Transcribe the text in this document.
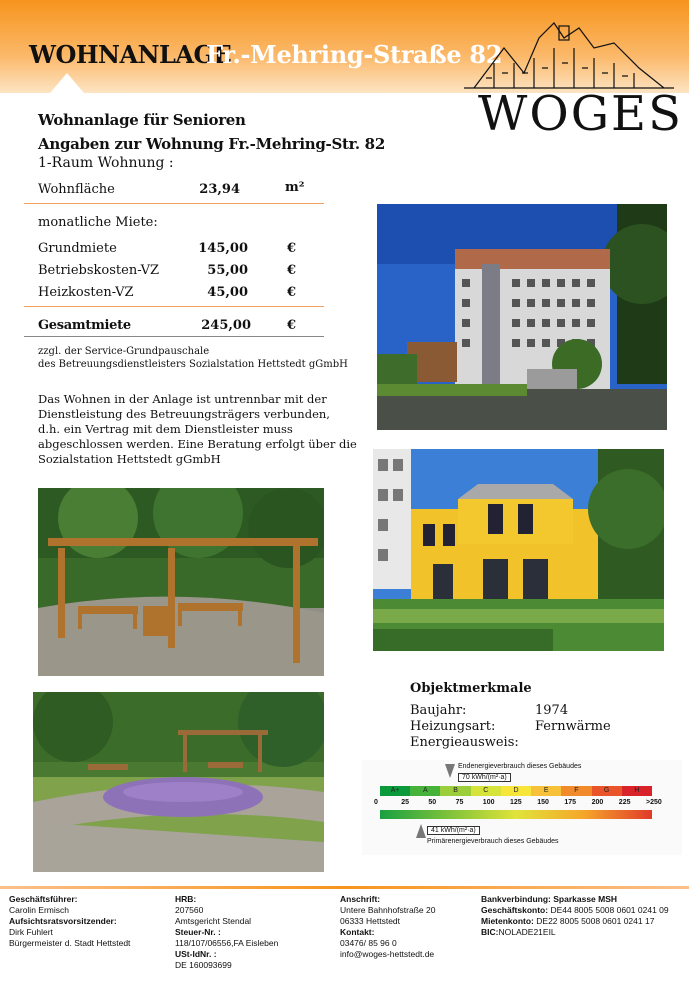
WOHNANLAGE
Fr.-Mehring-Straße 82
WOGES
Wohnanlage für Senioren
Angaben zur Wohnung Fr.-Mehring-Str. 82
1-Raum Wohnung :
Wohnfläche	23,94	m²
monatliche Miete:
Grundmiete	145,00	€
Betriebskosten-VZ	55,00	€
Heizkosten-VZ	45,00	€
Gesamtmiete	245,00	€
zzgl. der Service-Grundpauschale
des Betreuungsdienstleisters Sozialstation Hettstedt gGmbH
Das Wohnen in der Anlage ist untrennbar mit der
Dienstleistung des Betreuungsträgers verbunden,
d.h. ein Vertrag mit dem Dienstleister muss
abgeschlossen werden. Eine Beratung erfolgt über die
Sozialstation Hettstedt gGmbH
Objektmerkmale
Baujahr:	1974
Heizungsart:	Fernwärme
Energieausweis:
Endenergieverbrauch dieses Gebäudes
70 kWh/(m²·a)
A+	A	B	C	D	E	F	G	H
0	25	50	75	100 125 150 175 200 225 >250
41 kWh/(m²·a)
Primärenergieverbrauch dieses Gebäudes
Geschäftsführer:
Carolin Ermisch
Aufsichtsratsvorsitzender:
Dirk Fuhlert
Bürgermeister d. Stadt Hettstedt
HRB:
207560
Amtsgericht Stendal
Steuer-Nr. :
118/107/06556,FA Eisleben
USt-IdNr. :
DE 160093699
Anschrift:
Untere Bahnhofstraße 20
06333 Hettstedt
Kontakt:
03476/ 85 96 0
info@woges-hettstedt.de
Bankverbindung: Sparkasse MSH
Geschäftskonto: DE44 8005 5008 0601 0241 09
Mietenkonto: DE22 8005 5008 0601 0241 17
BIC:NOLADE21EIL
